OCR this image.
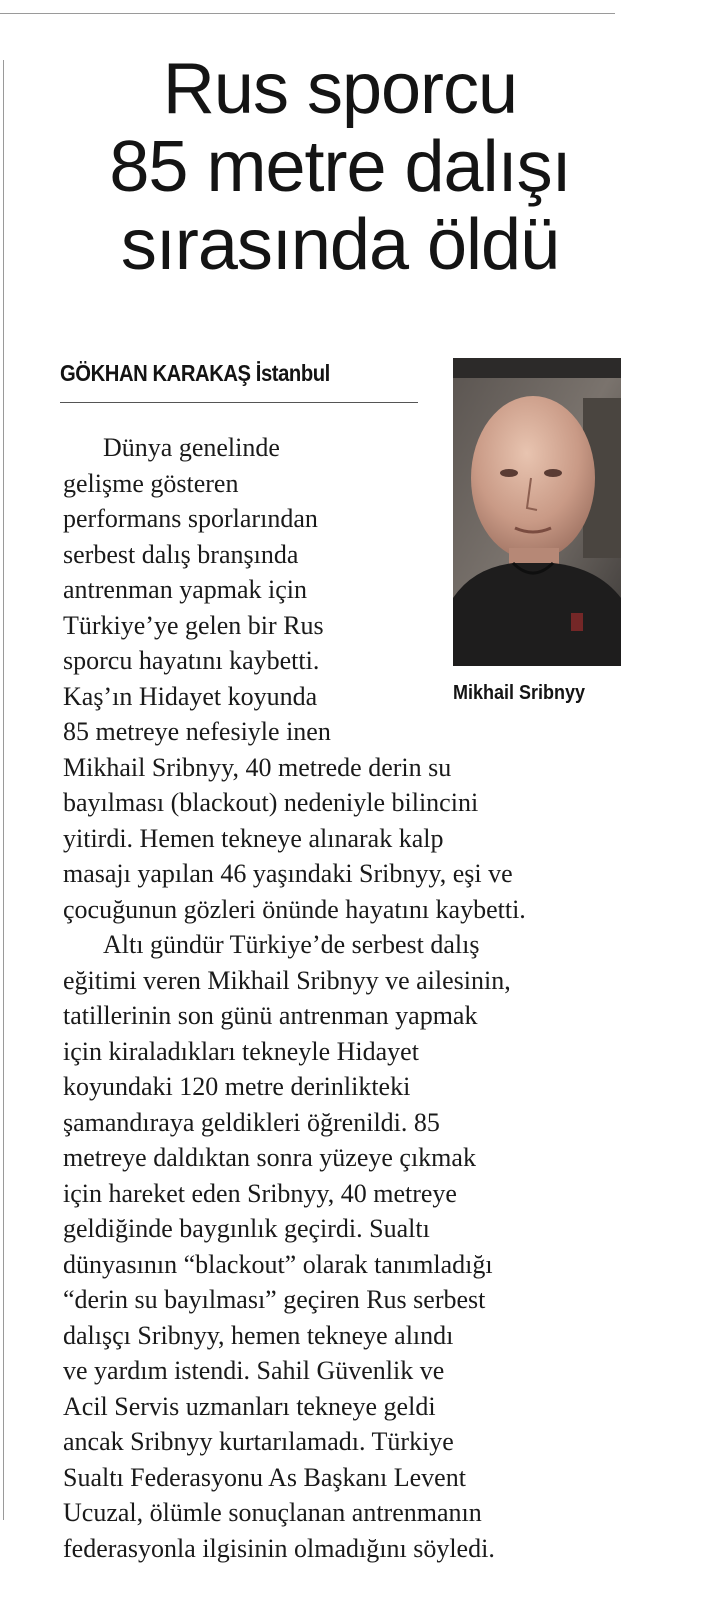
Rus sporcu
85 metre dalışı
sırasında öldü
GÖKHAN KARAKAŞ İstanbul
Mikhail Sribnyy
Dünya genelinde
gelişme gösteren
performans sporlarından
serbest dalış branşında
antrenman yapmak için
Türkiye’ye gelen bir Rus
sporcu hayatını kaybetti.
Kaş’ın Hidayet koyunda
85 metreye nefesiyle inen
Mikhail Sribnyy, 40 metrede derin su
bayılması (blackout) nedeniyle bilincini
yitirdi. Hemen tekneye alınarak kalp
masajı yapılan 46 yaşındaki Sribnyy, eşi ve
çocuğunun gözleri önünde hayatını kaybetti.
Altı gündür Türkiye’de serbest dalış
eğitimi veren Mikhail Sribnyy ve ailesinin,
tatillerinin son günü antrenman yapmak
için kiraladıkları tekneyle Hidayet
koyundaki 120 metre derinlikteki
şamandıraya geldikleri öğrenildi. 85
metreye daldıktan sonra yüzeye çıkmak
için hareket eden Sribnyy, 40 metreye
geldiğinde baygınlık geçirdi. Sualtı
dünyasının “blackout” olarak tanımladığı
“derin su bayılması” geçiren Rus serbest
dalışçı Sribnyy, hemen tekneye alındı
ve yardım istendi. Sahil Güvenlik ve
Acil Servis uzmanları tekneye geldi
ancak Sribnyy kurtarılamadı. Türkiye
Sualtı Federasyonu As Başkanı Levent
Ucuzal, ölümle sonuçlanan antrenmanın
federasyonla ilgisinin olmadığını söyledi.
